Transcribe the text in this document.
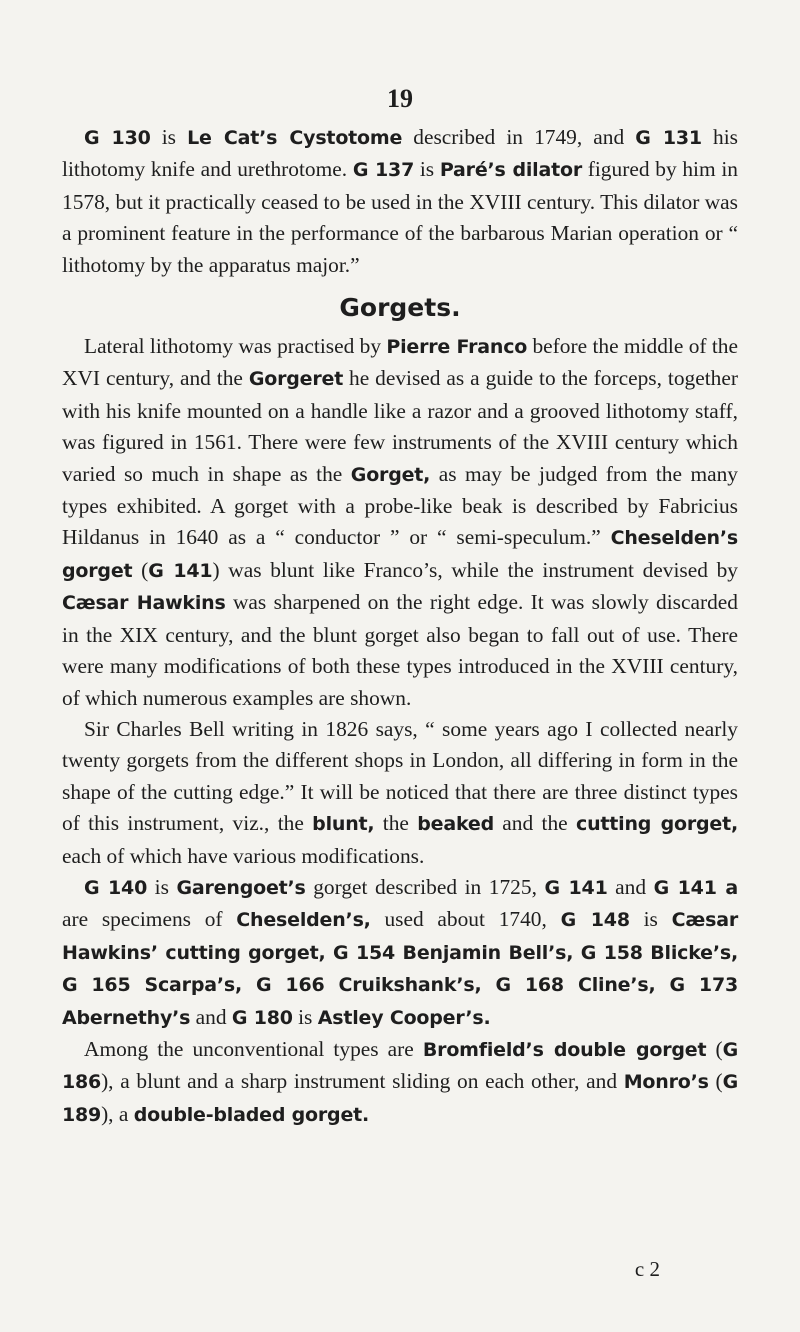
19

G 130 is Le Cat’s Cystotome described in 1749, and G 131 his lithotomy knife and urethrotome. G 137 is Paré’s dilator figured by him in 1578, but it practically ceased to be used in the XVIII century. This dilator was a prominent feature in the performance of the barbarous Marian operation or “ lithotomy by the apparatus major.”

Gorgets.

Lateral lithotomy was practised by Pierre Franco before the middle of the XVI century, and the Gorgeret he devised as a guide to the forceps, together with his knife mounted on a handle like a razor and a grooved lithotomy staff, was figured in 1561. There were few instruments of the XVIII century which varied so much in shape as the Gorget, as may be judged from the many types exhibited. A gorget with a probe-like beak is described by Fabricius Hildanus in 1640 as a “ conductor ” or “ semi-speculum.” Cheselden’s gorget (G 141) was blunt like Franco’s, while the instrument devised by Cæsar Hawkins was sharpened on the right edge. It was slowly discarded in the XIX century, and the blunt gorget also began to fall out of use. There were many modifications of both these types introduced in the XVIII century, of which numerous examples are shown.

Sir Charles Bell writing in 1826 says, “ some years ago I collected nearly twenty gorgets from the different shops in London, all differing in form in the shape of the cutting edge.” It will be noticed that there are three distinct types of this instrument, viz., the blunt, the beaked and the cutting gorget, each of which have various modifications.

G 140 is Garengoet’s gorget described in 1725, G 141 and G 141 a are specimens of Cheselden’s, used about 1740, G 148 is Cæsar Hawkins’ cutting gorget, G 154 Benjamin Bell’s, G 158 Blicke’s, G 165 Scarpa’s, G 166 Cruikshank’s, G 168 Cline’s, G 173 Abernethy’s and G 180 is Astley Cooper’s.

Among the unconventional types are Bromfield’s double gorget (G 186), a blunt and a sharp instrument sliding on each other, and Monro’s (G 189), a double-bladed gorget.

c 2
